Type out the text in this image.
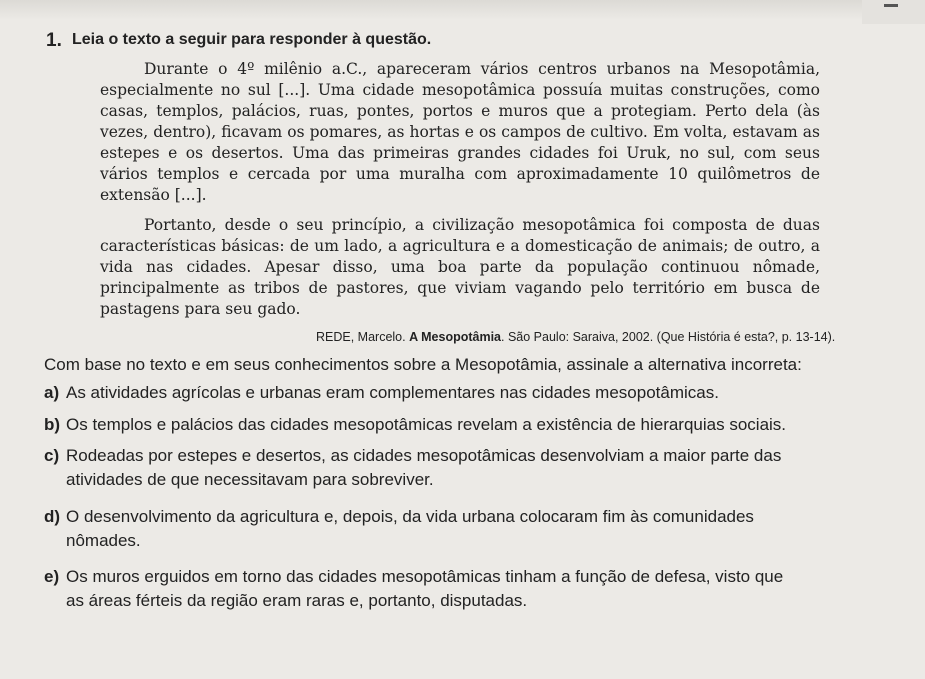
1. Leia o texto a seguir para responder à questão.

Durante o 4º milênio a.C., apareceram vários centros urbanos na Mesopotâmia, especialmente no sul [...]. Uma cidade mesopotâmica possuía muitas construções, como casas, templos, palácios, ruas, pontes, portos e muros que a protegiam. Perto dela (às vezes, dentro), ficavam os pomares, as hortas e os campos de cultivo. Em volta, estavam as estepes e os desertos. Uma das primeiras grandes cidades foi Uruk, no sul, com seus vários templos e cercada por uma muralha com aproximadamente 10 quilômetros de extensão [...].

Portanto, desde o seu princípio, a civilização mesopotâmica foi composta de duas características básicas: de um lado, a agricultura e a domesticação de animais; de outro, a vida nas cidades. Apesar disso, uma boa parte da população continuou nômade, principalmente as tribos de pastores, que viviam vagando pelo território em busca de pastagens para seu gado.

REDE, Marcelo. A Mesopotâmia. São Paulo: Saraiva, 2002. (Que História é esta?, p. 13-14).
Com base no texto e em seus conhecimentos sobre a Mesopotâmia, assinale a alternativa incorreta:
a) As atividades agrícolas e urbanas eram complementares nas cidades mesopotâmicas.
b) Os templos e palácios das cidades mesopotâmicas revelam a existência de hierarquias sociais.
c) Rodeadas por estepes e desertos, as cidades mesopotâmicas desenvolviam a maior parte das
atividades de que necessitavam para sobreviver.
d) O desenvolvimento da agricultura e, depois, da vida urbana colocaram fim às comunidades
nômades.
e) Os muros erguidos em torno das cidades mesopotâmicas tinham a função de defesa, visto que
as áreas férteis da região eram raras e, portanto, disputadas.
